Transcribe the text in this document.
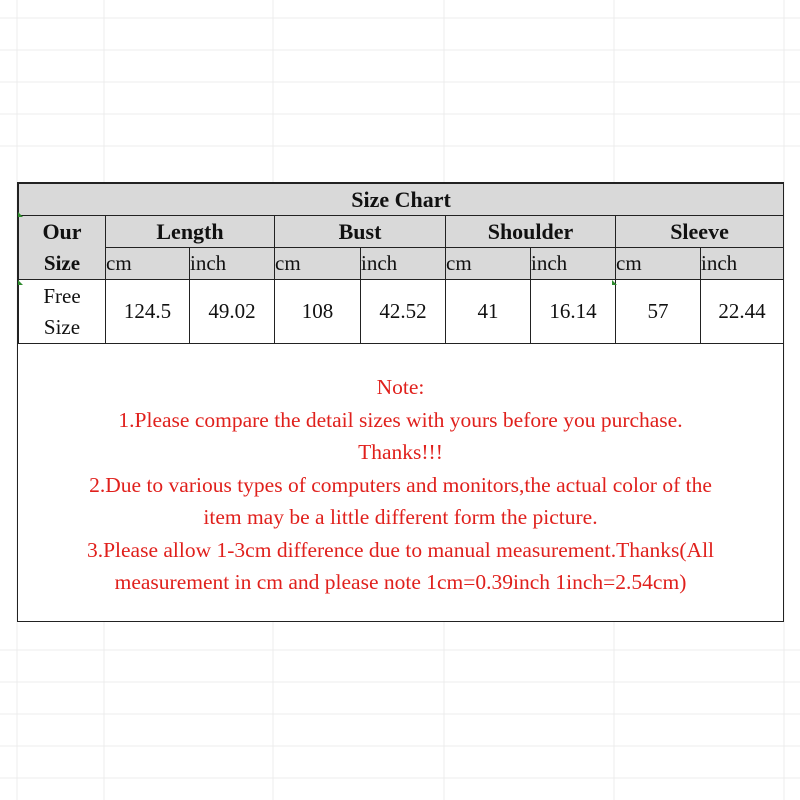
Size Chart								
Our	Length		Bust		Shoulder		Sleeve	
Size	cm	inch	cm	inch	cm	inch	cm	inch
Free
Size	124.5	49.02	108	42.52	41	16.14	57	22.44
Note:
1.Please compare the detail sizes with yours before you purchase.
Thanks!!!
2.Due to various types of computers and monitors,the actual color of the
item may be a little different form the picture.
3.Please allow 1-3cm difference due to manual measurement.Thanks(All
measurement in cm and please note 1cm=0.39inch 1inch=2.54cm)
